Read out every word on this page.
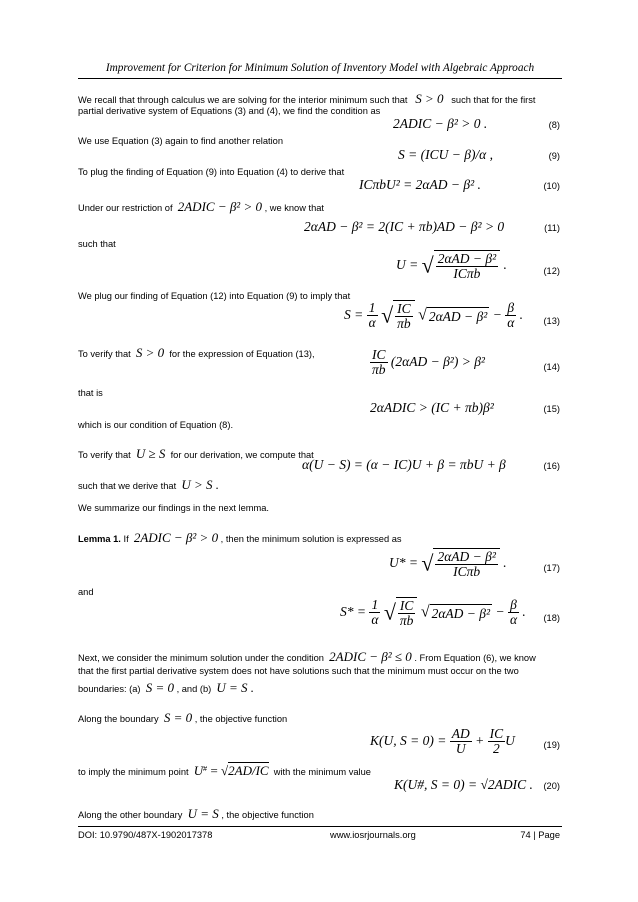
Improvement for Criterion for Minimum Solution of Inventory Model with Algebraic Approach
We recall that through calculus we are solving for the interior minimum such that S > 0 such that for the first
partial derivative system of Equations (3) and (4), we find the condition as
2ADIC − β² > 0 .	(8)
We use Equation (3) again to find another relation
S = (ICU − β)/α ,	(9)
To plug the finding of Equation (9) into Equation (4) to derive that
ICπbU² = 2αAD − β² .	(10)
Under our restriction of 2ADIC − β² > 0 , we know that
2αAD − β² = 2(IC + πb)AD − β² > 0	(11)
such that
U = √ $\frac{\text{2αAD − β²}}{\text{ICπb}}$ .	(12)
We plug our finding of Equation (12) into Equation (9) to imply that
$S = \frac{1}{\alpha}$ √ $\frac{IC}{\pi b}$ √ $2\alpha AD - \beta^2 - \frac{\beta}{\alpha}$ . (13)
To verify that S > 0 for the expression of Equation (13),	$\frac{IC}{\pi b} (2\alpha AD - \beta^2) > \beta^2$	(14)
that is
2αADIC > (IC + πb)β²	(15)
which is our condition of Equation (8).
To verify that U ≥ S for our derivation, we compute that
α(U − S) = (α − IC)U + β = πbU + β	(16)
such that we derive that U > S .
We summarize our findings in the next lemma.
Lemma 1. If 2ADIC − β² > 0 , then the minimum solution is expressed as
U* = √ $\frac{\text{2αAD − β²}}{\text{ICπb}}$ .	(17)
and
$S* = \frac{1}{\alpha}$ √ $\frac{IC}{\pi b}$ √ $2\alpha AD - \beta^2 - \frac{\beta}{\alpha}$ . (18)
Next, we consider the minimum solution under the condition 2ADIC − β² ≤ 0 . From Equation (6), we know
that the first partial derivative system does not have solutions such that the minimum must occur on the two
boundaries: (a) S = 0 , and (b) U = S .
Along the boundary S = 0 , the objective function
K(U, $S = 0) = \frac{AD}{U} + \frac{IC}{2}$ U	(19)
to imply the minimum point U# = √2AD/IC with the minimum value
K(U#, S = 0) = √2ADIC . (20)
Along the other boundary U = S , the objective function
DOI: 10.9790/487X-1902017378	www.iosrjournals.org	74 | Page
